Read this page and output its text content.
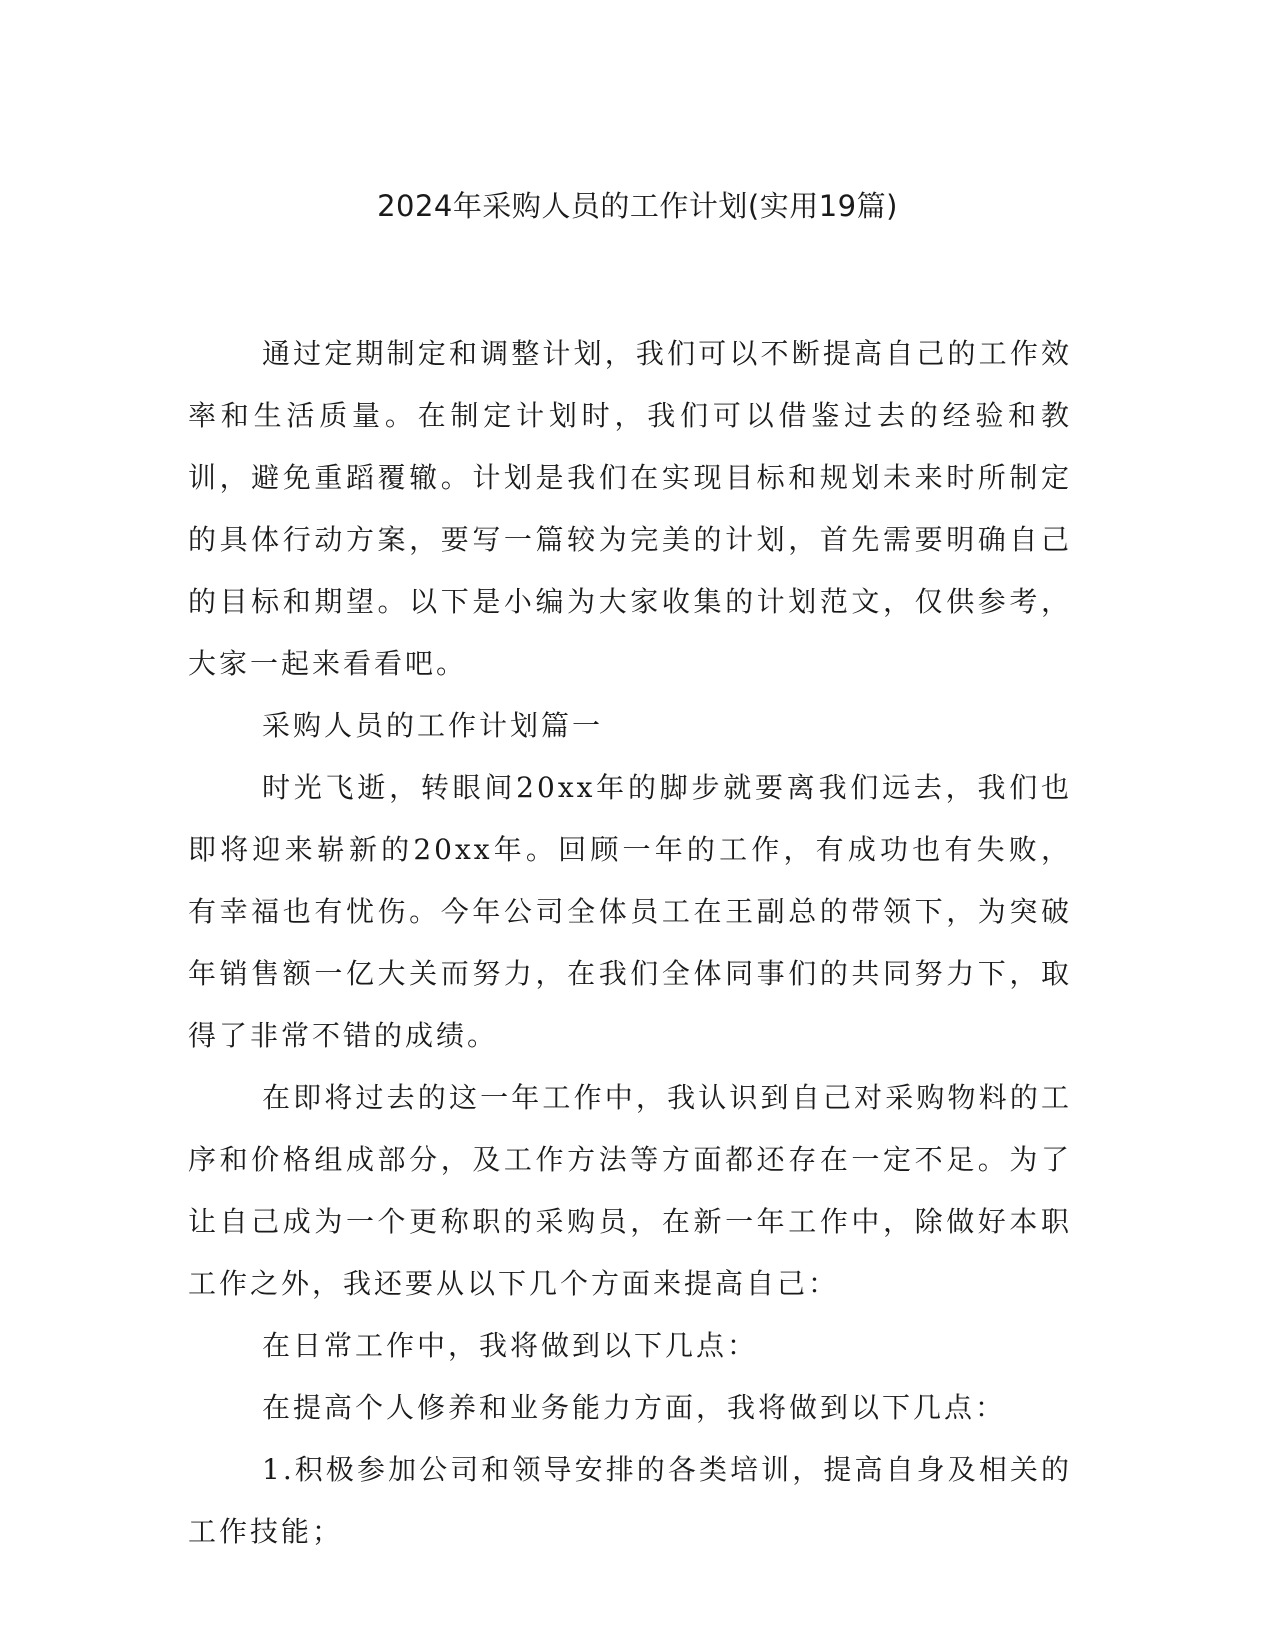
2024年采购人员的工作计划(实用19篇)

通过定期制定和调整计划，我们可以不断提高自己的工作效率和生活质量。在制定计划时，我们可以借鉴过去的经验和教训，避免重蹈覆辙。计划是我们在实现目标和规划未来时所制定的具体行动方案，要写一篇较为完美的计划，首先需要明确自己的目标和期望。以下是小编为大家收集的计划范文，仅供参考，大家一起来看看吧。

采购人员的工作计划篇一

时光飞逝，转眼间20xx年的脚步就要离我们远去，我们也即将迎来崭新的20xx年。回顾一年的工作，有成功也有失败，有幸福也有忧伤。今年公司全体员工在王副总的带领下，为突破年销售额一亿大关而努力，在我们全体同事们的共同努力下，取得了非常不错的成绩。

在即将过去的这一年工作中，我认识到自己对采购物料的工序和价格组成部分，及工作方法等方面都还存在一定不足。为了让自己成为一个更称职的采购员，在新一年工作中，除做好本职工作之外，我还要从以下几个方面来提高自己：

在日常工作中，我将做到以下几点：

在提高个人修养和业务能力方面，我将做到以下几点：

1.积极参加公司和领导安排的各类培训，提高自身及相关的工作技能；
